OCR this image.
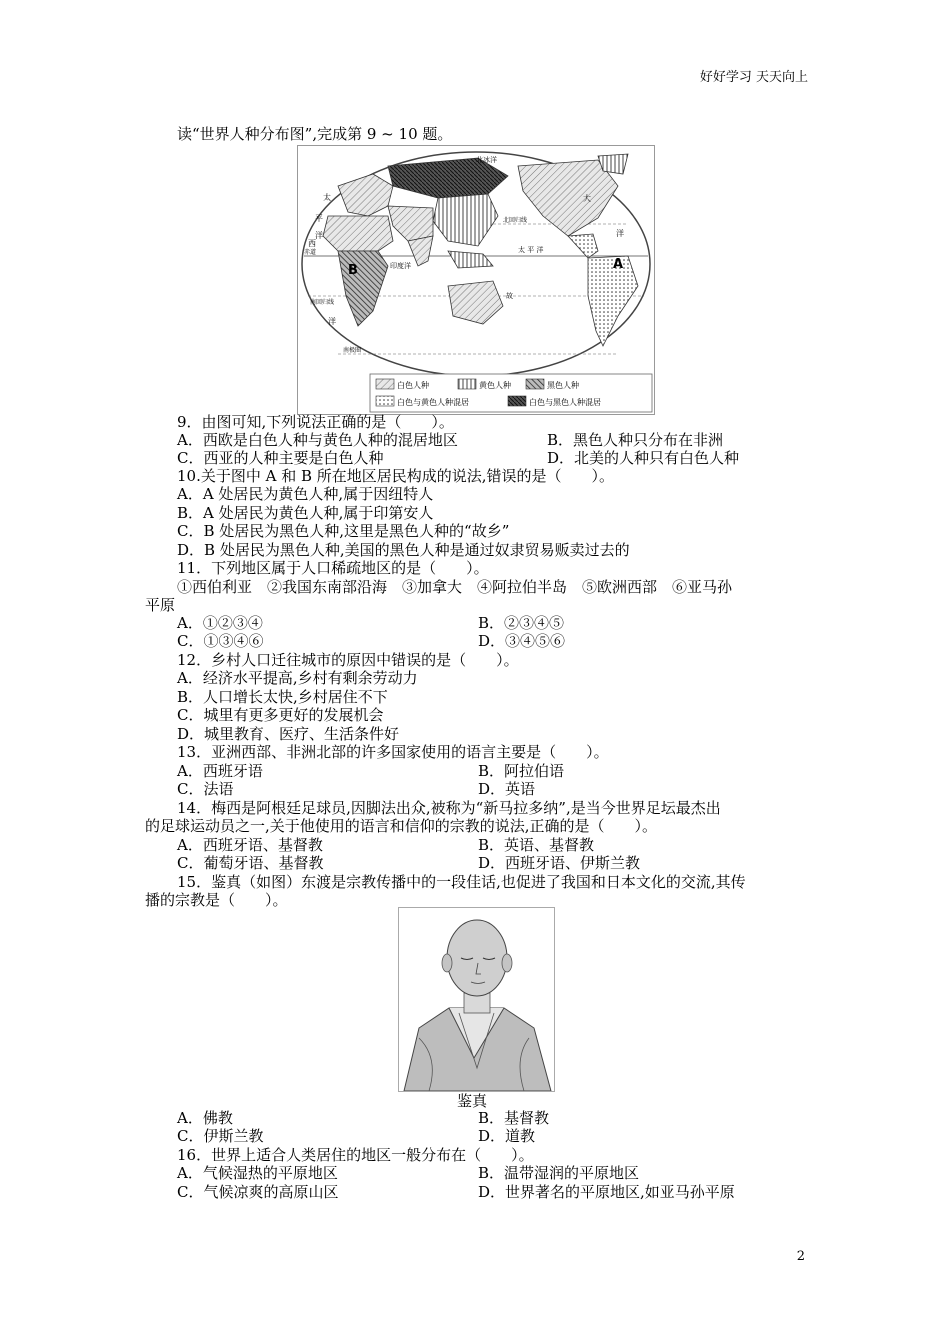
好好学习 天天向上
读“世界人种分布图”,完成第 9 ~ 10 题。
北冰洋
太
平
洋
北回归线
大
西
洋
赤道
印度洋
南回归线
洋
南极圈
太 平 洋
故
A
B
白色人种	黄色人种	黑色人种
白色与黄色人种混居	白色与黑色人种混居
9．由图可知,下列说法正确的是（　　）。
A．西欧是白色人种与黄色人种的混居地区	B．黑色人种只分布在非洲
C．西亚的人种主要是白色人种	D．北美的人种只有白色人种
10.关于图中 A 和 B 所在地区居民构成的说法,错误的是（　　）。
A．A 处居民为黄色人种,属于因纽特人
B．A 处居民为黄色人种,属于印第安人
C．B 处居民为黑色人种,这里是黑色人种的“故乡”
D．B 处居民为黑色人种,美国的黑色人种是通过奴隶贸易贩卖过去的
11．下列地区属于人口稀疏地区的是（　　）。
①西伯利亚　②我国东南部沿海　③加拿大　④阿拉伯半岛　⑤欧洲西部　⑥亚马孙
平原
A．①②③④	B．②③④⑤
C．①③④⑥	D．③④⑤⑥
12．乡村人口迁往城市的原因中错误的是（　　）。
A．经济水平提高,乡村有剩余劳动力
B．人口增长太快,乡村居住不下
C．城里有更多更好的发展机会
D．城里教育、医疗、生活条件好
13．亚洲西部、非洲北部的许多国家使用的语言主要是（　　）。
A．西班牙语	B．阿拉伯语
C．法语	D．英语
14．梅西是阿根廷足球员,因脚法出众,被称为“新马拉多纳”,是当今世界足坛最杰出
的足球运动员之一,关于他使用的语言和信仰的宗教的说法,正确的是（　　）。
A．西班牙语、基督教	B．英语、基督教
C．葡萄牙语、基督教	D．西班牙语、伊斯兰教
15．鉴真（如图）东渡是宗教传播中的一段佳话,也促进了我国和日本文化的交流,其传
播的宗教是（　　）。
鉴真
A．佛教	B．基督教
C．伊斯兰教	D．道教
16．世界上适合人类居住的地区一般分布在（　　）。
A．气候湿热的平原地区	B．温带湿润的平原地区
C．气候凉爽的高原山区	D．世界著名的平原地区,如亚马孙平原
2
